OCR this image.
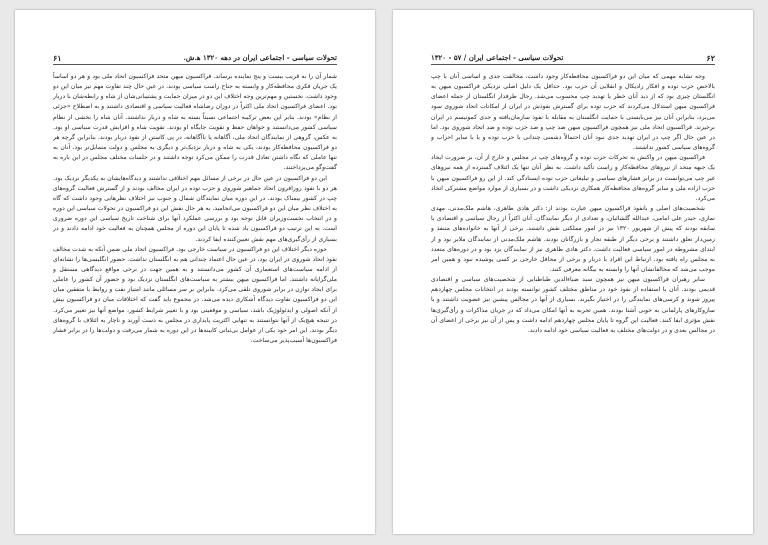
تحولات سیاسی - اجتماعی ایران در دهه ۱۳۲۰ ه‍.ش.
۶۱

شمار آن را به قریب بیست و پنج نماینده برساند. فراکسیون میهن متحد فراکسیون اتحاد ملی بود و هر دو اساساً یک جریان فکری محافظه‌کار و وابسته به جناح راست سیاسی بودند. در عین حال چند تفاوت مهم نیز میان این دو وجود داشت. نخستین و مهم‌ترین وجه اختلاف این دو در میزان حمایت و پشتیبانی‌شان از شاه و رابطه‌شان با دربار بود. اعضای فراکسیون اتحاد ملی اکثراً در دوران رضاشاه فعالیت سیاسی و اقتصادی داشتند و به اصطلاح «جزئی از نظام» بودند. بنابر این بعض ترکیبه اجتماعی نسبتاً بسته به شاه و دربار نداشتند. آنان شاه را بخشی از نظام سیاسی کشور می‌دانستند و خواهان حفظ و تقویت جایگاه او بودند. تقویت شاه و افزایش قدرت سیاسی او بود. به عکس، گروهی از نمایندگان اتحاد ملی، آگاهانه یا ناآگاهانه، در پی کاستن از نفوذ دربار بودند. بنابراین گرچه هر دو فراکسیون محافظه‌کار بودند، یکی به شاه و دربار نزدیک‌تر و دیگری به مجلس و دولت متمایل‌تر بود. آنان به تنها عاملی که نگاه داشتن تعادل قدرت را ممکن می‌کرد توجه داشتند و در جلسات مختلف مجلس در این باره به گفت‌وگو می‌پرداختند.

این دو فراکسیون در عین حال در برخی از مسائل مهم اختلافی نداشتند و دیدگاه‌هایشان به یکدیگر نزدیک بود. هر دو با نفوذ روزافزون اتحاد جماهیر شوروی و حزب توده در ایران مخالف بودند و از گسترش فعالیت گروه‌های چپ در کشور بیمناک بودند. در این دوره میان نمایندگان شمال و جنوب نیز اختلاف نظرهایی وجود داشت که گاه به اختلاف نظر میان این دو فراکسیون می‌انجامید. به هر حال نقش این دو فراکسیون در تحولات سیاسی این دوره و در انتخاب نخست‌وزیران قابل توجه بود و بررسی عملکرد آنها برای شناخت تاریخ سیاسی این دوره ضروری است. به این ترتیب دو فراکسیون یاد شده تا پایان این دوره از مجلس همچنان به فعالیت خود ادامه دادند و در بسیاری از رأی‌گیری‌های مهم نقش تعیین‌کننده ایفا کردند.

حوزه دیگر اختلاف این دو فراکسیون در سیاست خارجی بود. فراکسیون اتحاد ملی ضمن آنکه به شدت مخالف نفوذ اتحاد شوروی در ایران بود، در عین حال اعتماد چندانی هم به انگلستان نداشت. حضور انگلیسی‌ها را نشانه‌ای از ادامه سیاست‌های استعماری آن کشور می‌دانستند و به همین جهت در برخی مواقع دیدگاهی مستقل و ملی‌گرایانه داشتند. اما فراکسیون میهن بیشتر به سیاست‌های انگلستان نزدیک بود و حضور آن کشور را عاملی برای ایجاد توازن در برابر شوروی تلقی می‌کرد. بنابراین بر سر مسائلی مانند امتیاز نفت و روابط با متفقین میان این دو فراکسیون تفاوت دیدگاه آشکاری دیده می‌شد. در مجموع باید گفت که اختلافات میان دو فراکسیون بیش از آنکه اصولی و ایدئولوژیک باشد، سیاسی و موقعیتی بود و با تغییر شرایط کشور، مواضع آنها نیز تغییر می‌کرد. در نتیجه هیچ‌یک از آنها نتوانستند به تنهایی اکثریت پایداری در مجلس به دست آورند و ناچار به ائتلاف با گروه‌های دیگر بودند. این امر خود یکی از عوامل بی‌ثباتی کابینه‌ها در این دوره به شمار می‌رفت و دولت‌ها را در برابر فشار فراکسیون‌ها آسیب‌پذیر می‌ساخت.

۶۲
تحولات سیاسی - اجتماعی ایران / ۵۷ - ۱۳۲۰

وجه تشابه مهمی که میان این دو فراکسیون محافظه‌کار وجود داشت، مخالفت جدی و اساسی آنان با چپ بالاخص حزب توده و افکار رادیکال و انقلابی آن حزب بود. حداقل یک دلیل اصلی نزدیکی فراکسیون میهن به انگلستان چیزی بود که از دید آنان خطر یا تهدید چپ محسوب می‌شد. رجال طرفدار انگلستان از جمله اعضای فراکسیون میهن استدلال می‌کردند که حزب توده برای گسترش نفوذش در ایران از امکانات اتحاد شوروی سود می‌برد، بنابراین آنان نیز می‌بایستی با حمایت انگلستان به مقابله با نفوذ سازمان‌یافته و جدی کمونیسم در ایران برخیزند. فراکسیون اتحاد ملی نیز همچون فراکسیون میهن ضد چپ و ضد حزب توده و ضد اتحاد شوروی بود. اما در عین حال اگر چپ در ایران تهدید جدی نبود آنان احتمالاً دشمنی چندانی با حزب توده و یا با سایر احزاب و گروه‌های سیاسی کشور نداشتند.

فراکسیون میهن در واکنش به تحرکات حزب توده و گروه‌های چپ در مجلس و خارج از آن، بر ضرورت ایجاد یک جبهه متحد از نیروهای محافظه‌کار و راست تأکید داشت. به نظر آنان تنها یک ائتلاف گسترده از همه نیروهای غیر چپ می‌توانست در برابر فشارهای سیاسی و تبلیغاتی حزب توده ایستادگی کند. از این رو فراکسیون میهن با حزب اراده ملی و سایر گروه‌های محافظه‌کار همکاری نزدیکی داشت و در بسیاری از موارد مواضع مشترکی اتخاذ می‌کرد.

شخصیت‌های اصلی و بانفوذ فراکسیون میهن عبارت بودند از: دکتر هادی طاهری، هاشم ملک‌مدنی، مهدی نمازی، حیدر علی امامی، عبدالله گلشائیان، و تعدادی از دیگر نمایندگان. آنان اکثراً از رجال سیاسی و اقتصادی با سابقه بودند که پیش از شهریور ۱۳۲۰ نیز در امور مملکتی نقش داشتند. برخی از آنها به خانواده‌های متنفذ و زمین‌دار تعلق داشتند و برخی دیگر از طبقه تجار و بازرگانان بودند. هاشم ملک‌مدنی از نمایندگان ملایر بود و از ابتدای مشروطه در امور سیاسی فعالیت داشت. دکتر هادی طاهری نیز از نمایندگان یزد بود و در دوره‌های متعدد به مجلس راه یافته بود. ارتباط این افراد با دربار و برخی از محافل خارجی بر کسی پوشیده نبود و همین امر موجب می‌شد که مخالفانشان آنها را وابسته به بیگانه معرفی کنند.

سایر رهبران فراکسیون میهن نیز همچون سید ضیاءالدین طباطبایی از شخصیت‌های سیاسی و اقتصادی قدیمی بودند. آنان با استفاده از نفوذ خود در مناطق مختلف کشور توانسته بودند در انتخابات مجلس چهاردهم پیروز شوند و کرسی‌های نمایندگی را در اختیار بگیرند. بسیاری از آنها در مجالس پیشین نیز عضویت داشتند و با سازوکارهای پارلمانی به خوبی آشنا بودند. همین تجربه به آنها امکان می‌داد که در جریان مذاکرات و رأی‌گیری‌ها نقش مؤثری ایفا کنند. فعالیت این گروه تا پایان مجلس چهاردهم ادامه داشت و پس از آن نیز برخی از اعضای آن در مجالس بعدی و در دولت‌های مختلف به فعالیت سیاسی خود ادامه دادند.
